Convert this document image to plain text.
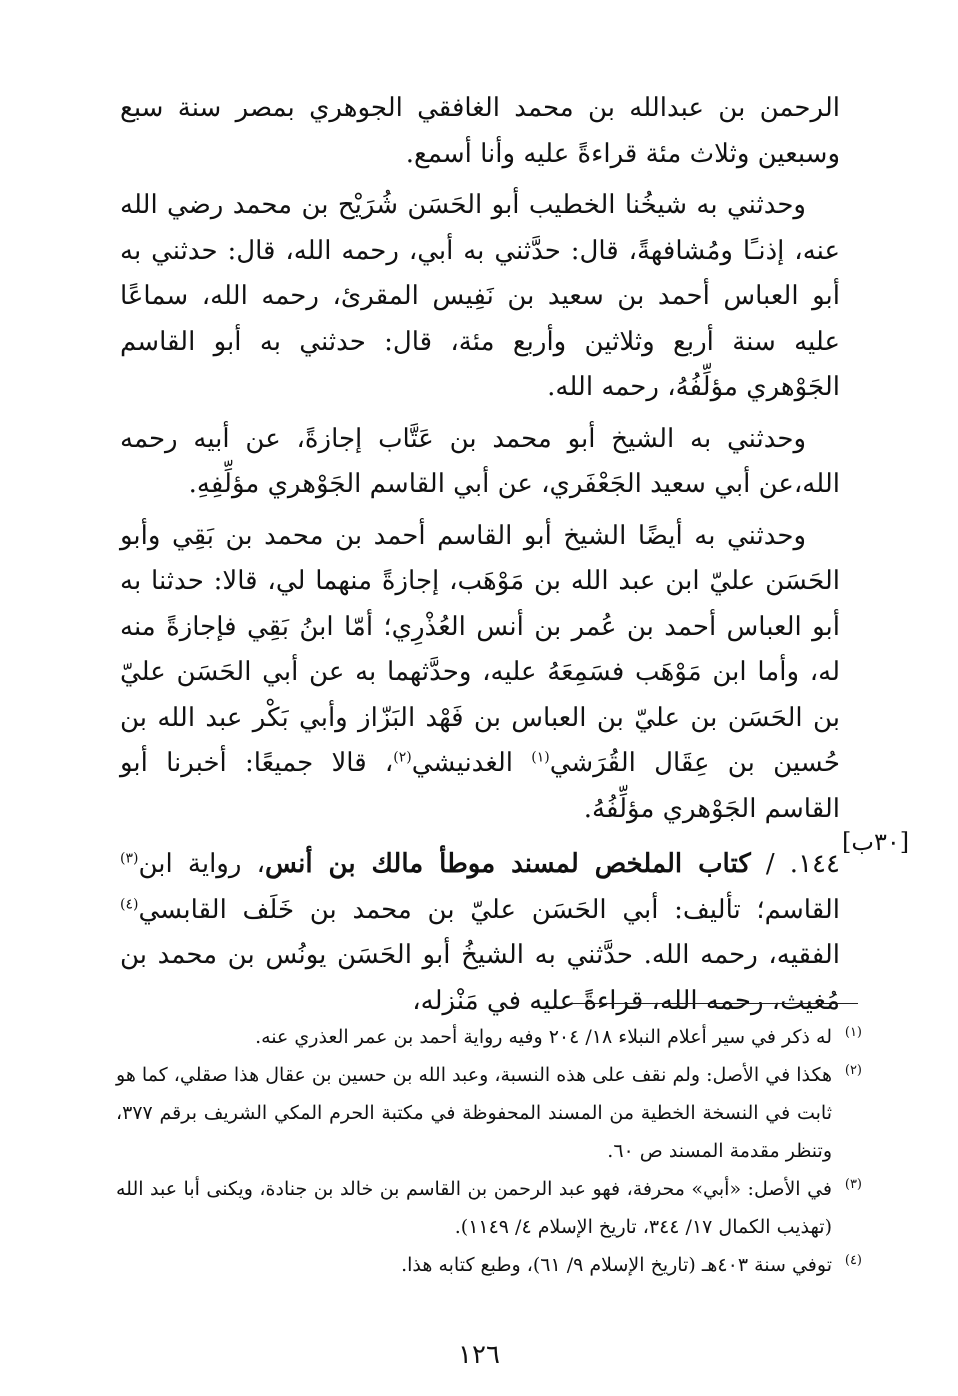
الرحمن بن عبدالله بن محمد الغافقي الجوهري بمصر سنة سبع وسبعين وثلاث مئة قراءةً عليه وأنا أسمع.

وحدثني به شيخُنا الخطيب أبو الحَسَن شُرَيْح بن محمد رضي الله عنه، إذنـًا ومُشافهةً، قال: حدَّثني به أبي، رحمه الله، قال: حدثني به أبو العباس أحمد بن سعيد بن نَفِيس المقرئ، رحمه الله، سماعًا عليه سنة أربع وثلاثين وأربع مئة، قال: حدثني به أبو القاسم الجَوْهري مؤلِّفُهُ، رحمه الله.

وحدثني به الشيخ أبو محمد بن عَتَّاب إجازةً، عن أبيه رحمه الله،عن أبي سعيد الجَعْفَري، عن أبي القاسم الجَوْهري مؤلِّفِهِ.

وحدثني به أيضًا الشيخ أبو القاسم أحمد بن محمد بن بَقِي وأبو الحَسَن عليّ ابن عبد الله بن مَوْهَب، إجازةً منهما لي، قالا: حدثنا به أبو العباس أحمد بن عُمر بن أنس العُذْرِي؛ أمّا ابنُ بَقِي فإجازةً منه له، وأما ابن مَوْهَب فسَمِعَهُ عليه، وحدَّثهما به عن أبي الحَسَن عليّ بن الحَسَن بن عليّ بن العباس بن فَهْد البَزّاز وأبي بَكْر عبد الله بن حُسين بن عِقَال القُرَشي$^{(١)}$ الغدنيشي$^{(٢)}$، قالا جميعًا: أخبرنا أبو القاسم الجَوْهري مؤلِّفُهُ.

١٤٤. / كتاب الملخص لمسند موطأ مالك بن أنس، رواية ابن$^{(٣)}$ القاسم؛ تأليف: أبي الحَسَن عليّ بن محمد بن خَلَف القابسي$^{(٤)}$ الفقيه، رحمه الله. حدَّثني به الشيخُ أبو الحَسَن يونُس بن محمد بن مُغيث، رحمه الله، قراءةً عليه في مَنْزله،

[٣٠ب]
(١)
له ذكر في سير أعلام النبلاء ١٨/ ٢٠٤ وفيه رواية أحمد بن عمر العذري عنه.
(٢)
هكذا في الأصل: ولم نقف على هذه النسبة، وعبد الله بن حسين بن عقال هذا صقلي، كما هو ثابت في النسخة الخطية من المسند المحفوظة في مكتبة الحرم المكي الشريف برقم ٣٧٧، وتنظر مقدمة المسند ص ٦٠.
(٣)
في الأصل: «أبي» محرفة، فهو عبد الرحمن بن القاسم بن خالد بن جنادة، ويكنى أبا عبد الله (تهذيب الكمال ١٧/ ٣٤٤، تاريخ الإسلام ٤/ ١١٤٩).
(٤)
توفي سنة ٤٠٣هـ (تاريخ الإسلام ٩/ ٦١)، وطبع كتابه هذا.
١٢٦
